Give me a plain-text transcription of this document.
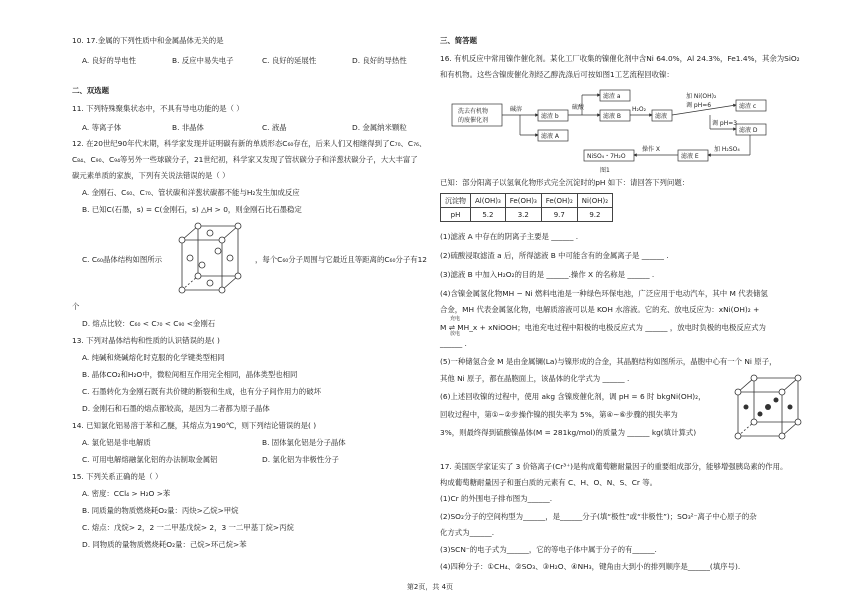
10. 17.金属的下列性质中和金属晶体无关的是
A. 良好的导电性	B. 反应中易失电子	C. 良好的延展性	D. 良好的导热性
二、双选题
11. 下列特殊聚集状态中，不具有导电功能的是（ ）
A. 等离子体	B. 非晶体	C. 液晶	D. 金属纳米颗粒
12. 在20世纪90年代末期，科学家发现并证明碳有新的单质形态C₆₀存在，后来人们又相继得到了C₇₀、C₇₆、
C₈₄、C₉₀、C₉₄等另外一些球碳分子，21世纪初，科学家又发现了管状碳分子和洋葱状碳分子，大大丰富了
碳元素单质的家族，下列有关说法错误的是（ ）
A. 金刚石、C₆₀、C₇₀、管状碳和洋葱状碳都不能与H₂发生加成反应
B. 已知C(石墨，s) = C(金刚石，s) △H > 0，则金刚石比石墨稳定
C. C₆₀晶体结构如图所示	，每个C₆₀分子周围与它最近且等距离的C₆₀分子有12
个
D. 熔点比较：C₆₀ < C₇₀ < C₉₀ <金刚石
13. 下列对晶体结构和性质的认识错误的是( )
A. 纯碱和烧碱熔化时克服的化学键类型相同
B. 晶体CO₂和H₂O中，微粒间相互作用完全相同，晶体类型也相同
C. 石墨转化为金刚石既有共价键的断裂和生成，也有分子间作用力的破坏
D. 金刚石和石墨的熔点都较高，是因为二者都为原子晶体
14. 已知氯化铝易溶于苯和乙醚，其熔点为190℃，则下列结论错误的是( )
A. 氯化铝是非电解质	B. 固体氯化铝是分子晶体
C. 可用电解熔融氯化铝的办法制取金属铝	D. 氯化铝为非极性分子
15. 下列关系正确的是（ ）
A. 密度：CCl₄ > H₂O >苯
B. 同质量的物质燃烧耗O₂量：丙炔>乙烷>甲烷
C. 熔点：戊烷> 2，2 一二甲基戊烷> 2，3 一二甲基丁烷>丙烷
D. 同物质的量物质燃烧耗O₂量：己烷>环己烷>苯
三、简答题
16. 有机反应中常用镍作催化剂。某化工厂收集的镍催化剂中含Ni 64.0%，Al 24.3%，Fe1.4%，其余为SiO₂
和有机物。这些含镍废催化剂经乙醇洗涤后可按如图1工艺流程回收镍：
洗去有机物
的废催化剂
碱溶
滤渣 b
滤液 A
硫酸
滤渣 a
滤液 B
H₂O₂
滤液
加 Ni(OH)₂
调 pH=6	滤渣 c
调 pH=3
滤液 D
NiSO₄・7H₂O
操作 X
滤液 E
加 H₂SO₄
图1
已知：部分阳离子以氢氧化物形式完全沉淀时的pH 如下：请回答下列问题：
沉淀物	Al(OH)₃	Fe(OH)₃	Fe(OH)₂	Ni(OH)₂
pH	5.2	3.2	9.7	9.2
(1)滤液 A 中存在的阴离子主要是 ______ .
(2)硫酸浸取滤渣 a 后，所得滤液 B 中可能含有的金属离子是 ______ .
(3)滤液 B 中加入H₂O₂的目的是 ______.操作 X 的名称是 ______ .
(4)含镍金属氢化物MH − Ni 燃料电池是一种绿色环保电池，广泛应用于电动汽车，其中 M 代表储氢
合金，MH 代表金属氢化物，电解质溶液可以是 KOH 水溶液。它的充、放电反应为：xNi(OH)₂ +
充电
M ⇌ MH_x + xNiOOH；电池充电过程中阳极的电极反应式为 ______ ，放电时负极的电极反应式为
放电
______ .
(5)一种储氢合金 M 是由金属镧(La)与镍形成的合金，其晶胞结构如图所示，晶胞中心有一个 Ni 原子，
其他 Ni 原子，都在晶胞面上，该晶体的化学式为 ______ .
(6)上述回收镍的过程中，使用 akg 含镍废催化剂，调 pH = 6 时 bkgNi(OH)₂，
回收过程中，第①∼②步操作镍的损失率为 5%，第④∼⑥步骤的损失率为
3%，则最终得到硫酸镍晶体(M = 281kg/mol)的质量为 ______ kg(填计算式)
17. 美国医学家证实了 3 价铬离子(Cr³⁺)是构成葡萄糖耐量因子的重要组成部分，能够增强胰岛素的作用。
构成葡萄糖耐量因子和蛋白质的元素有 C、H、O、N、S、Cr 等。
(1)Cr 的外围电子排布图为______.
(2)SO₂分子的空间构型为______，是______分子(填“极性”或“非极性”)；SO₃²⁻离子中心原子的杂
化方式为______.
(3)SCN⁻的电子式为______，它的等电子体中属于分子的有______.
(4)四种分子：①CH₄、②SO₃、③H₂O、④NH₃，键角由大到小的排列顺序是______(填序号).
第2页，共 4页
